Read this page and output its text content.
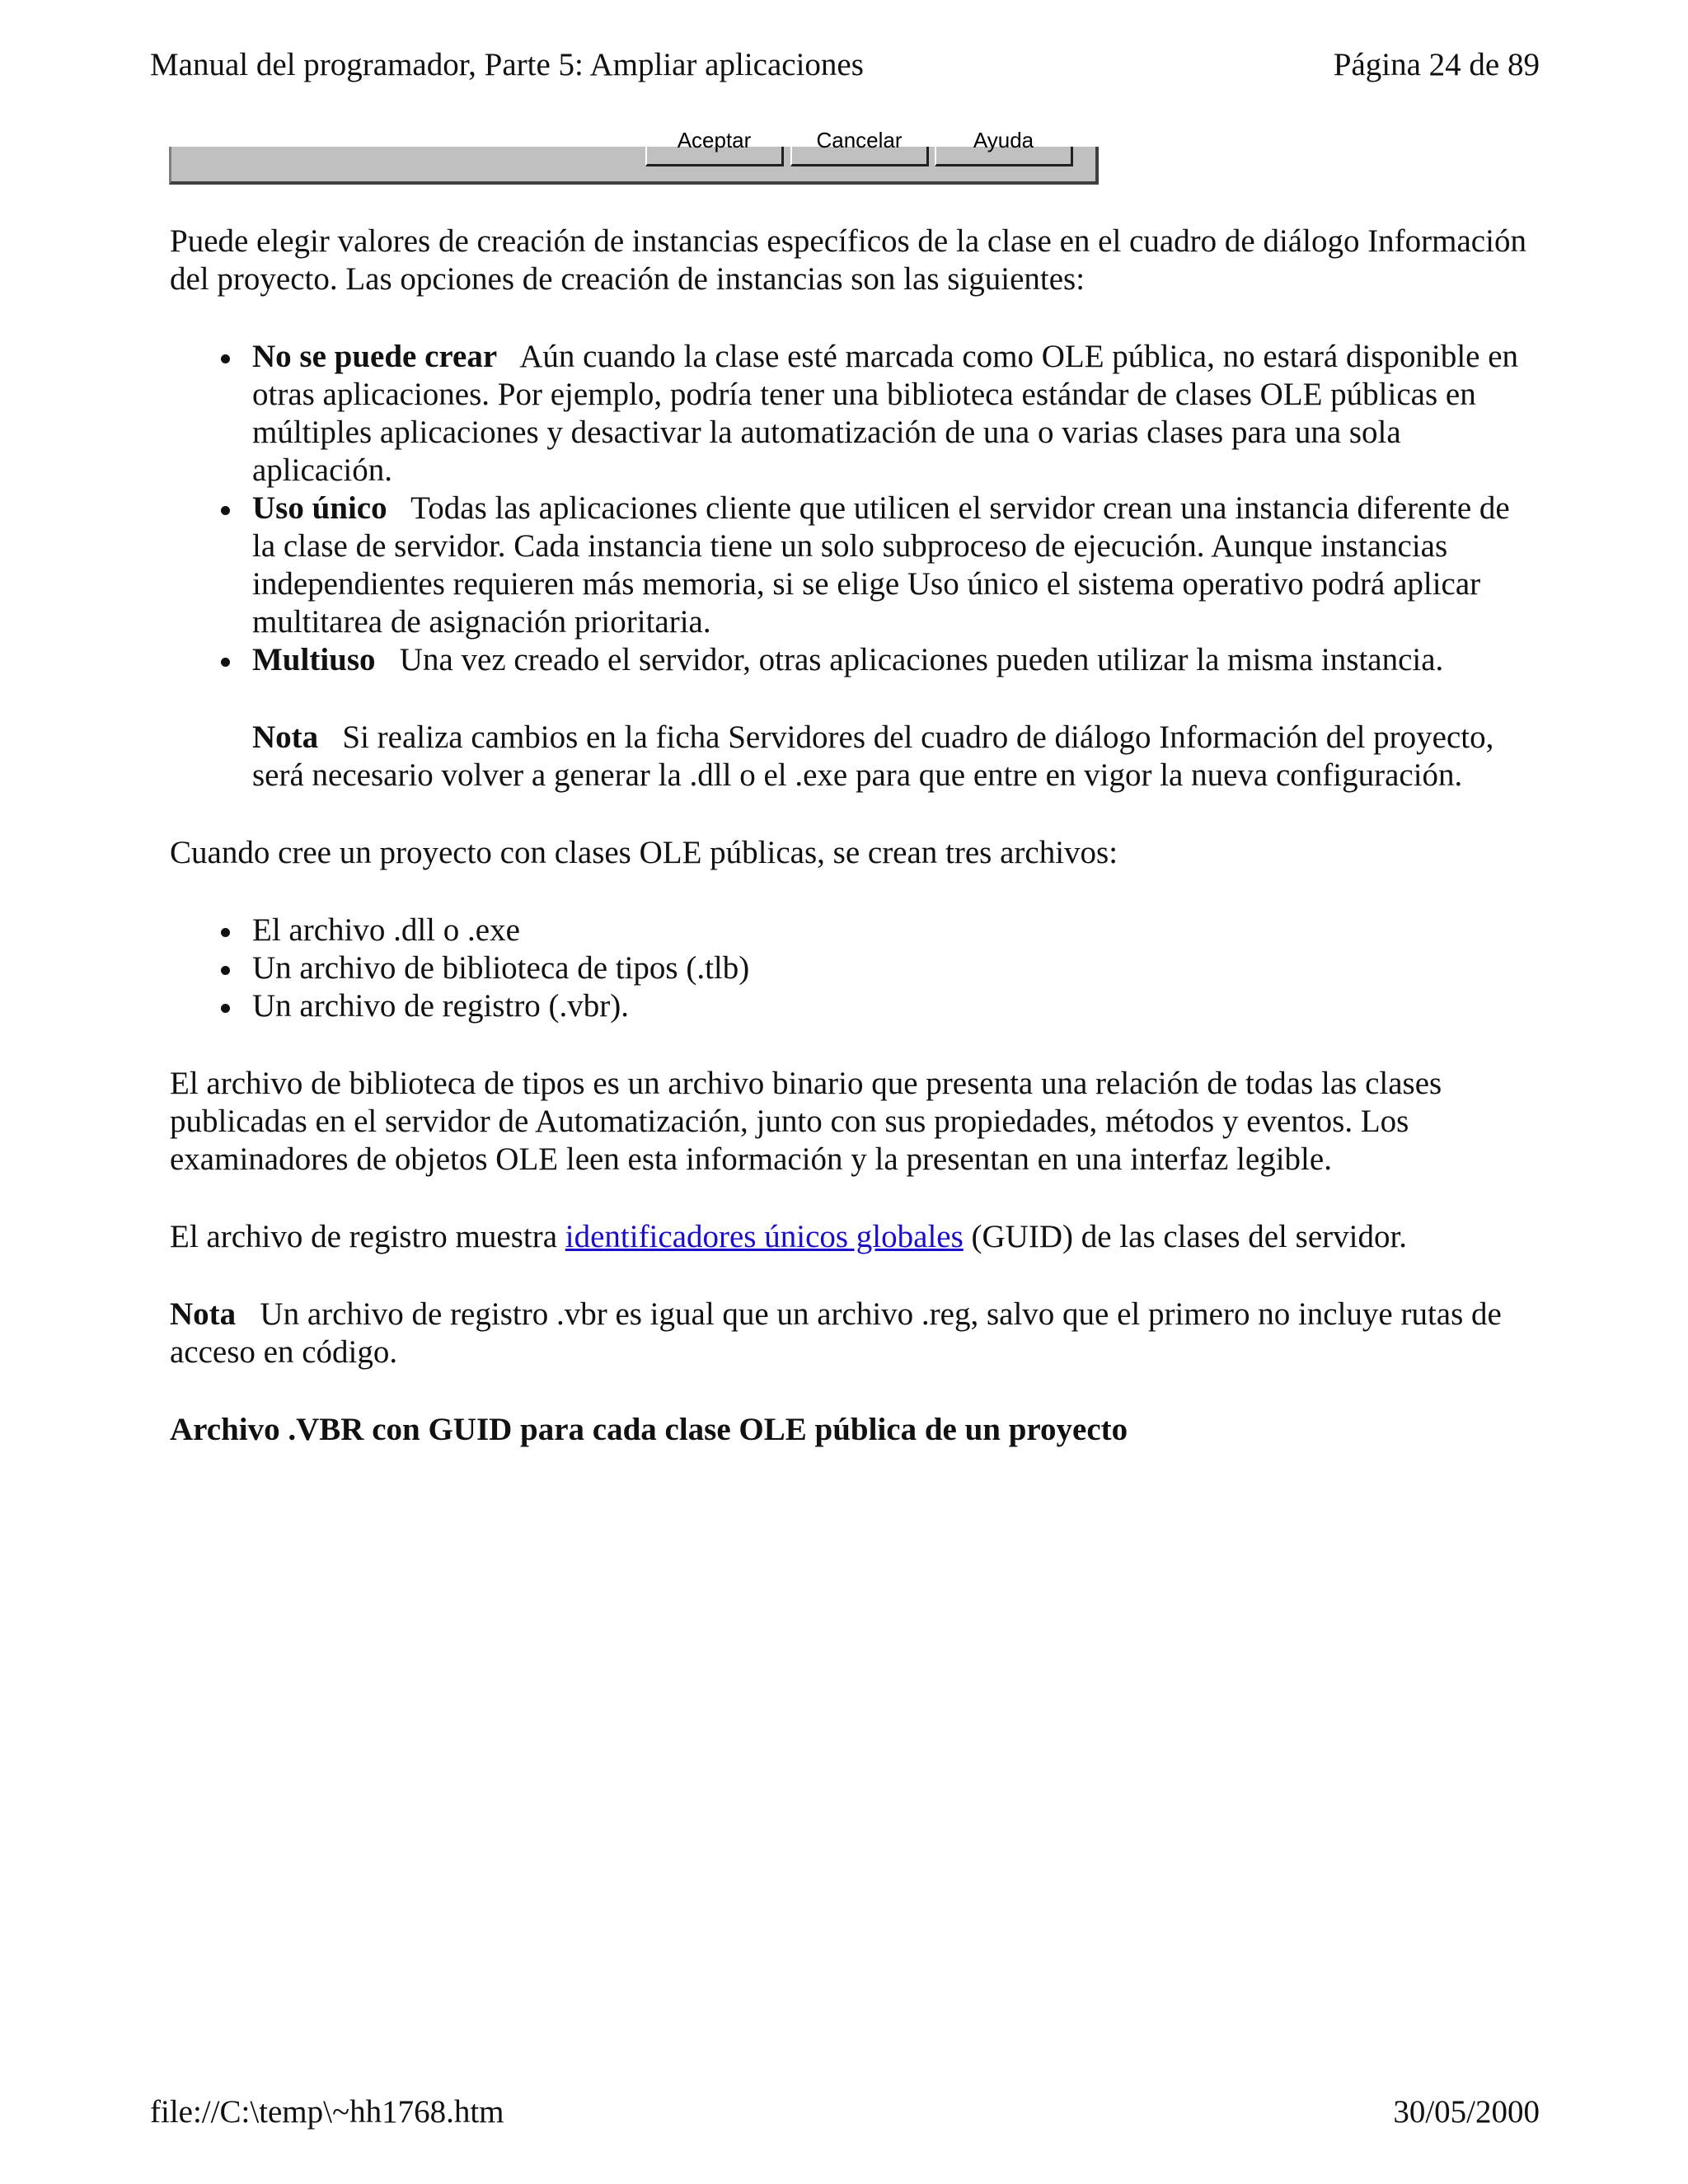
Manual del programador, Parte 5: Ampliar aplicaciones	Página 24 de 89
Aceptar	Cancelar	Ayuda

Puede elegir valores de creación de instancias específicos de la clase en el cuadro de diálogo Información del proyecto. Las opciones de creación de instancias son las siguientes:

No se puede crear Aún cuando la clase esté marcada como OLE pública, no estará disponible en otras aplicaciones. Por ejemplo, podría tener una biblioteca estándar de clases OLE públicas en múltiples aplicaciones y desactivar la automatización de una o varias clases para una sola aplicación.
Uso único Todas las aplicaciones cliente que utilicen el servidor crean una instancia diferente de la clase de servidor. Cada instancia tiene un solo subproceso de ejecución. Aunque instancias independientes requieren más memoria, si se elige Uso único el sistema operativo podrá aplicar multitarea de asignación prioritaria.
Multiuso Una vez creado el servidor, otras aplicaciones pueden utilizar la misma instancia.

Nota Si realiza cambios en la ficha Servidores del cuadro de diálogo Información del proyecto, será necesario volver a generar la .dll o el .exe para que entre en vigor la nueva configuración.

Cuando cree un proyecto con clases OLE públicas, se crean tres archivos:

El archivo .dll o .exe
Un archivo de biblioteca de tipos (.tlb)
Un archivo de registro (.vbr).

El archivo de biblioteca de tipos es un archivo binario que presenta una relación de todas las clases publicadas en el servidor de Automatización, junto con sus propiedades, métodos y eventos. Los examinadores de objetos OLE leen esta información y la presentan en una interfaz legible.

El archivo de registro muestra identificadores únicos globales (GUID) de las clases del servidor.

Nota Un archivo de registro .vbr es igual que un archivo .reg, salvo que el primero no incluye rutas de acceso en código.

Archivo .VBR con GUID para cada clase OLE pública de un proyecto

file://C:\temp\~hh1768.htm	30/05/2000
